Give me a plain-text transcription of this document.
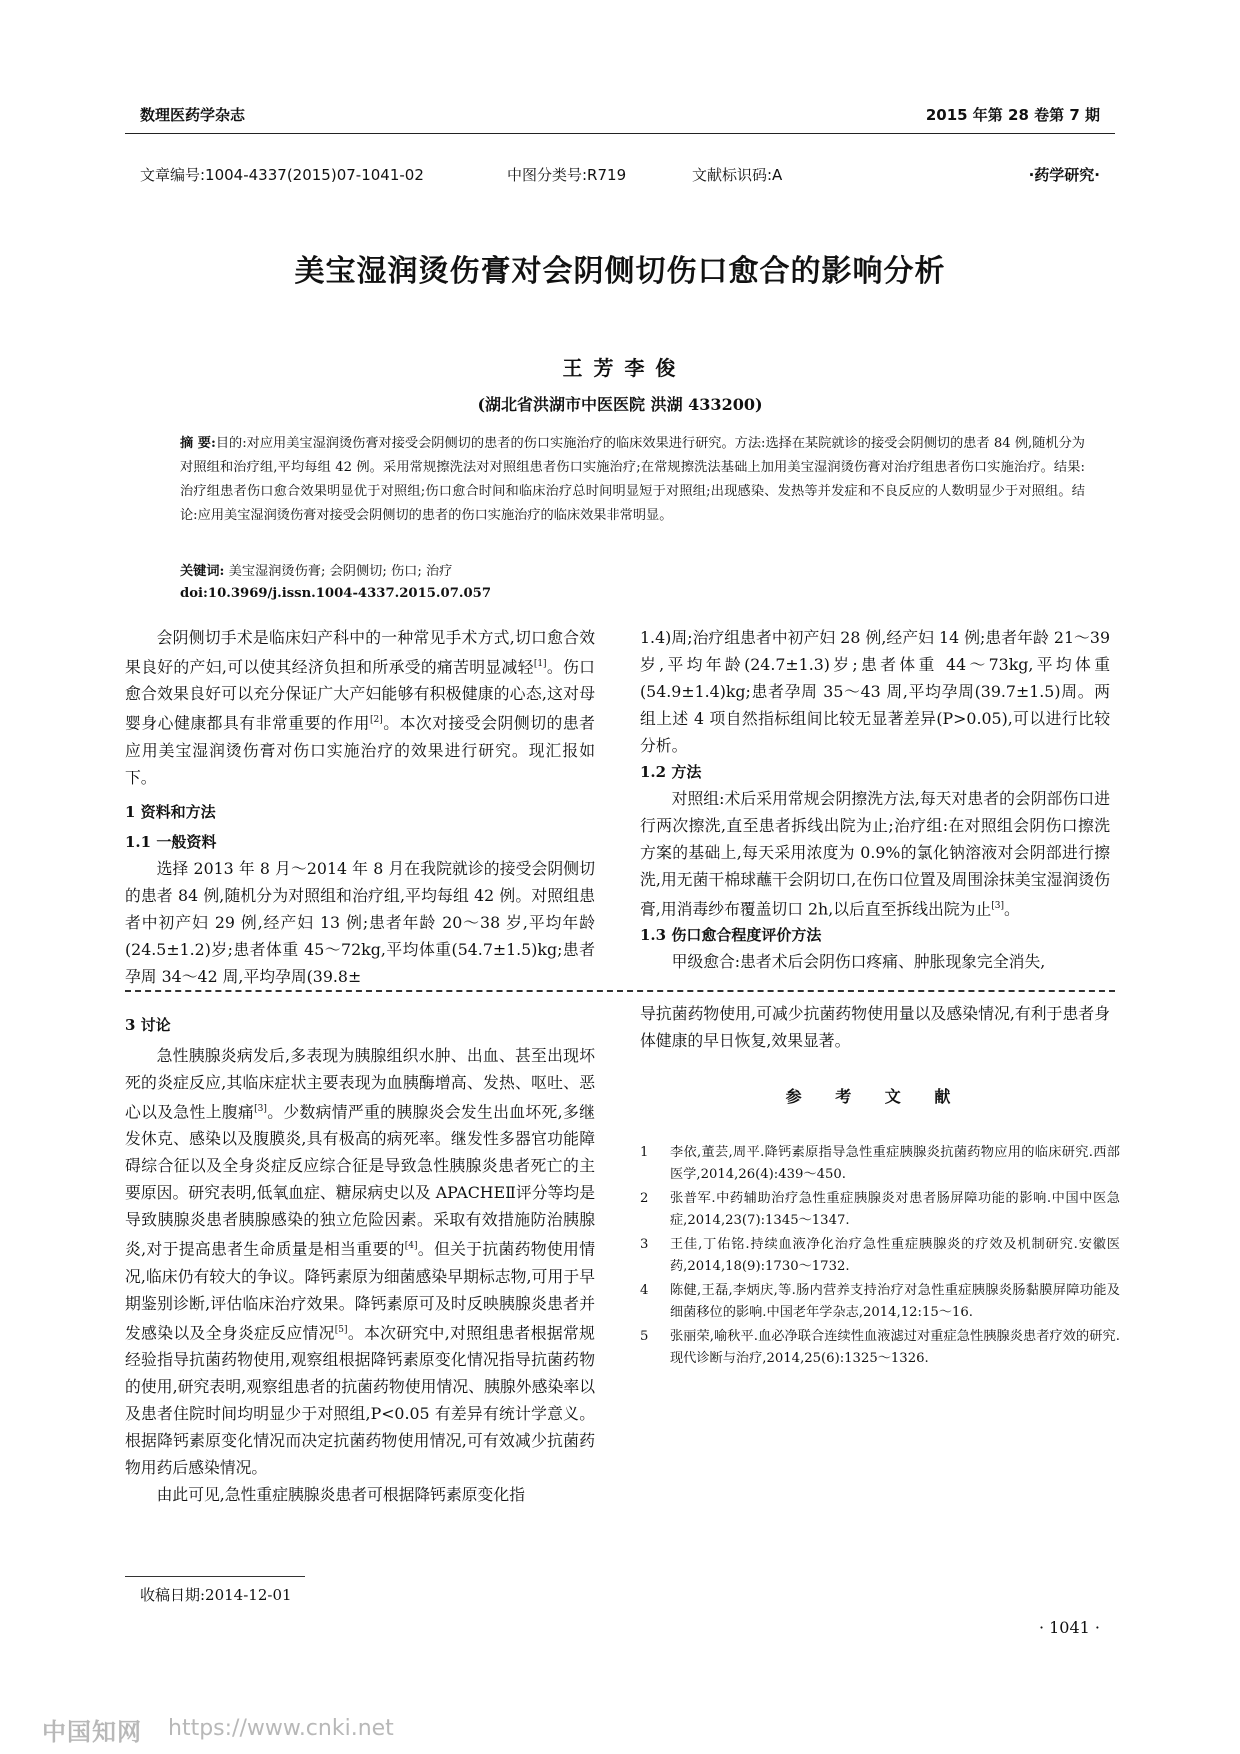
数理医药学杂志	2015 年第 28 卷第 7 期
文章编号:1004-4337(2015)07-1041-02	中图分类号:R719	文献标识码:A	·药学研究·
美宝湿润烫伤膏对会阴侧切伤口愈合的影响分析
王 芳 李 俊
(湖北省洪湖市中医医院 洪湖 433200)
摘 要:目的:对应用美宝湿润烫伤膏对接受会阴侧切的患者的伤口实施治疗的临床效果进行研究。方法:选择在某院就诊的接受会阴侧切的患者 84 例,随机分为对照组和治疗组,平均每组 42 例。采用常规擦洗法对对照组患者伤口实施治疗;在常规擦洗法基础上加用美宝湿润烫伤膏对治疗组患者伤口实施治疗。结果:治疗组患者伤口愈合效果明显优于对照组;伤口愈合时间和临床治疗总时间明显短于对照组;出现感染、发热等并发症和不良反应的人数明显少于对照组。结论:应用美宝湿润烫伤膏对接受会阴侧切的患者的伤口实施治疗的临床效果非常明显。
关键词: 美宝湿润烫伤膏; 会阴侧切; 伤口; 治疗
doi:10.3969/j.issn.1004-4337.2015.07.057

会阴侧切手术是临床妇产科中的一种常见手术方式,切口愈合效果良好的产妇,可以使其经济负担和所承受的痛苦明显减轻[1]。伤口愈合效果良好可以充分保证广大产妇能够有积极健康的心态,这对母婴身心健康都具有非常重要的作用[2]。本次对接受会阴侧切的患者应用美宝湿润烫伤膏对伤口实施治疗的效果进行研究。现汇报如下。

1 资料和方法
1.1 一般资料

选择 2013 年 8 月～2014 年 8 月在我院就诊的接受会阴侧切的患者 84 例,随机分为对照组和治疗组,平均每组 42 例。对照组患者中初产妇 29 例,经产妇 13 例;患者年龄 20～38 岁,平均年龄(24.5±1.2)岁;患者体重 45～72kg,平均体重(54.7±1.5)kg;患者孕周 34～42 周,平均孕周(39.8±

1.4)周;治疗组患者中初产妇 28 例,经产妇 14 例;患者年龄 21～39 岁,平均年龄(24.7±1.3)岁;患者体重 44～73kg,平均体重(54.9±1.4)kg;患者孕周 35～43 周,平均孕周(39.7±1.5)周。两组上述 4 项自然指标组间比较无显著差异(P>0.05),可以进行比较分析。

1.2 方法

对照组:术后采用常规会阴擦洗方法,每天对患者的会阴部伤口进行两次擦洗,直至患者拆线出院为止;治疗组:在对照组会阴伤口擦洗方案的基础上,每天采用浓度为 0.9%的氯化钠溶液对会阴部进行擦洗,用无菌干棉球蘸干会阴切口,在伤口位置及周围涂抹美宝湿润烫伤膏,用消毒纱布覆盖切口 2h,以后直至拆线出院为止[3]。

1.3 伤口愈合程度评价方法

甲级愈合:患者术后会阴伤口疼痛、肿胀现象完全消失,

3 讨论

急性胰腺炎病发后,多表现为胰腺组织水肿、出血、甚至出现坏死的炎症反应,其临床症状主要表现为血胰酶增高、发热、呕吐、恶心以及急性上腹痛[3]。少数病情严重的胰腺炎会发生出血坏死,多继发休克、感染以及腹膜炎,具有极高的病死率。继发性多器官功能障碍综合征以及全身炎症反应综合征是导致急性胰腺炎患者死亡的主要原因。研究表明,低氧血症、糖尿病史以及 APACHEⅡ评分等均是导致胰腺炎患者胰腺感染的独立危险因素。采取有效措施防治胰腺炎,对于提高患者生命质量是相当重要的[4]。但关于抗菌药物使用情况,临床仍有较大的争议。降钙素原为细菌感染早期标志物,可用于早期鉴别诊断,评估临床治疗效果。降钙素原可及时反映胰腺炎患者并发感染以及全身炎症反应情况[5]。本次研究中,对照组患者根据常规经验指导抗菌药物使用,观察组根据降钙素原变化情况指导抗菌药物的使用,研究表明,观察组患者的抗菌药物使用情况、胰腺外感染率以及患者住院时间均明显少于对照组,P<0.05 有差异有统计学意义。根据降钙素原变化情况而决定抗菌药物使用情况,可有效减少抗菌药物用药后感染情况。

由此可见,急性重症胰腺炎患者可根据降钙素原变化指

导抗菌药物使用,可减少抗菌药物使用量以及感染情况,有利于患者身体健康的早日恢复,效果显著。

参 考 文 献
1	李依,董芸,周平.降钙素原指导急性重症胰腺炎抗菌药物应用的临床研究.西部医学,2014,26(4):439～450.
2	张普军.中药辅助治疗急性重症胰腺炎对患者肠屏障功能的影响.中国中医急症,2014,23(7):1345～1347.
3	王佳,丁佑铭.持续血液净化治疗急性重症胰腺炎的疗效及机制研究.安徽医药,2014,18(9):1730～1732.
4	陈健,王磊,李炳庆,等.肠内营养支持治疗对急性重症胰腺炎肠黏膜屏障功能及细菌移位的影响.中国老年学杂志,2014,12:15～16.
5	张丽荣,喻秋平.血必净联合连续性血液滤过对重症急性胰腺炎患者疗效的研究.现代诊断与治疗,2014,25(6):1325～1326.
收稿日期:2014-12-01
· 1041 ·
中国知网 https://www.cnki.net
